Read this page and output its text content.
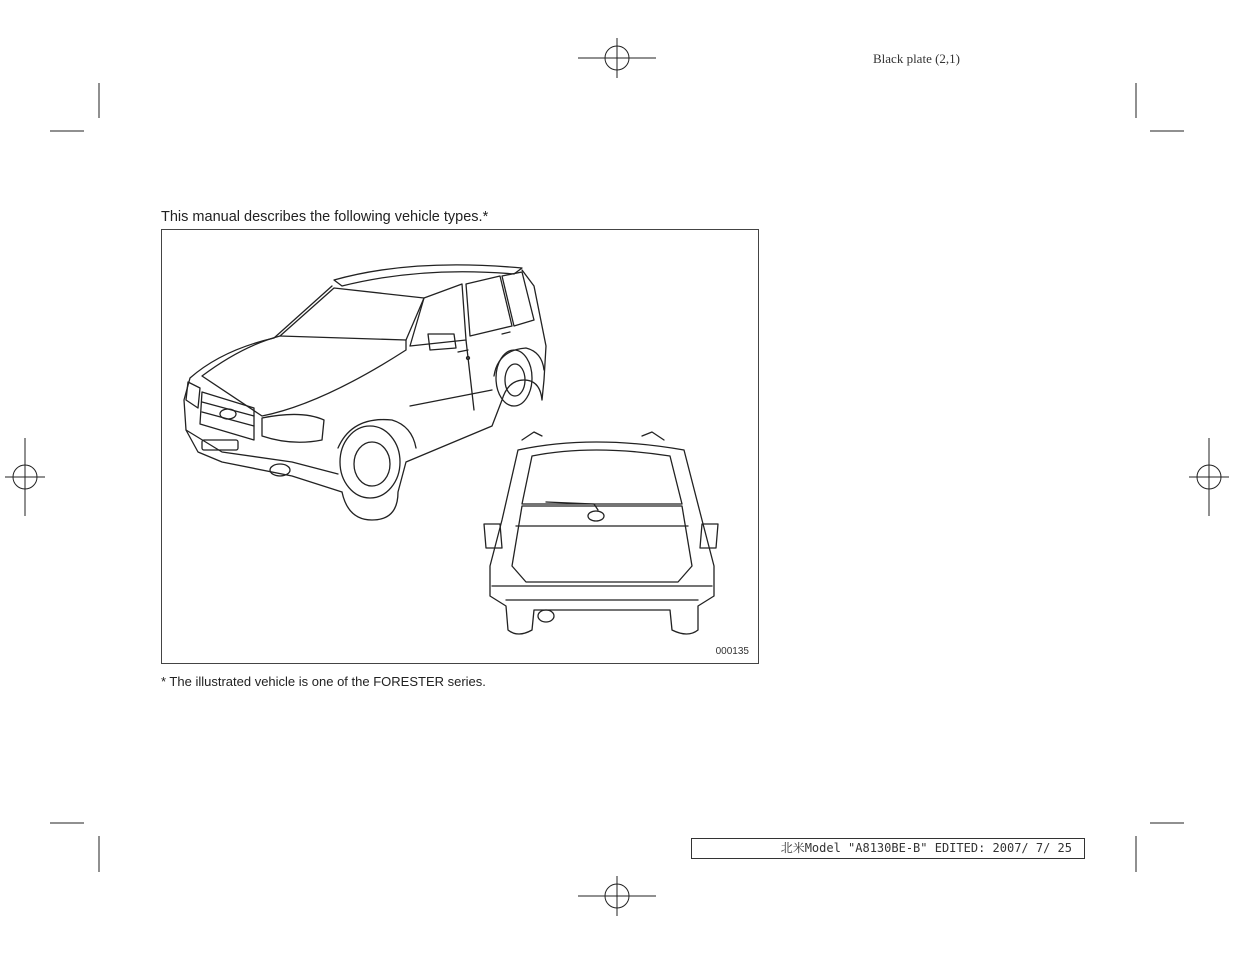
Black plate (2,1)
This manual describes the following vehicle types.*
000135
* The illustrated vehicle is one of the FORESTER series.
北米Model "A8130BE-B" EDITED: 2007/ 7/ 25
